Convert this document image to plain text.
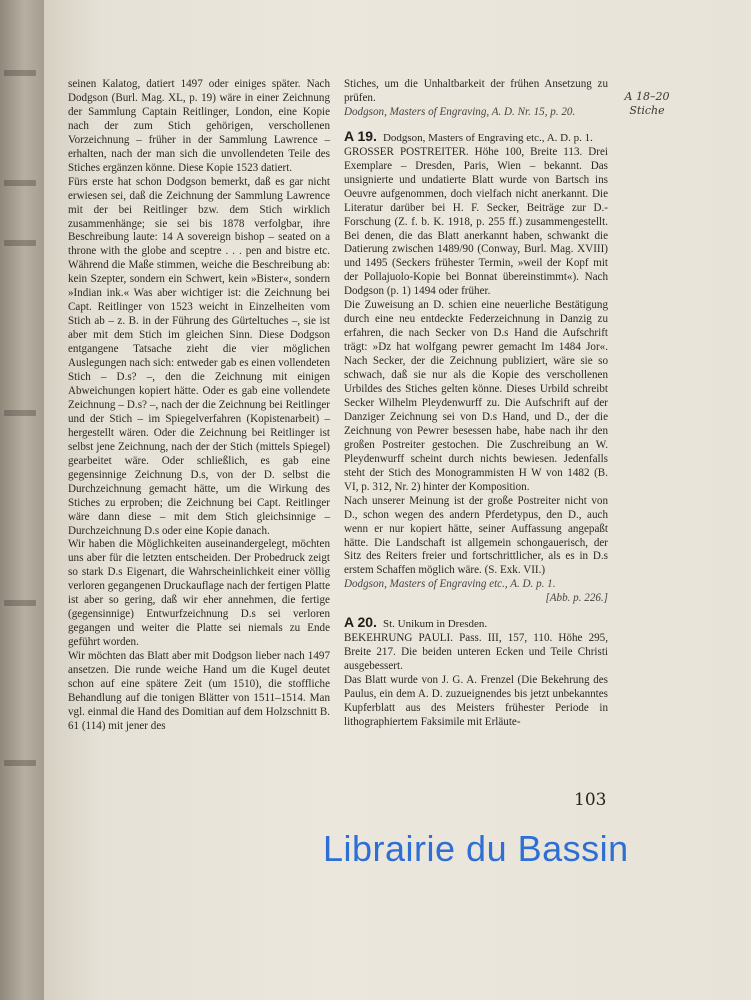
seinen Kalatog, datiert 1497 oder einiges später. Nach Dodgson (Burl. Mag. XL, p. 19) wäre in einer Zeichnung der Sammlung Captain Reitlinger, London, eine Kopie nach der zum Stich gehörigen, verschollenen Vorzeichnung – früher in der Sammlung Lawrence – erhalten, nach der man sich die unvollendeten Teile des Stiches ergänzen könne. Diese Kopie 1523 datiert.

Fürs erste hat schon Dodgson bemerkt, daß es gar nicht erwiesen sei, daß die Zeichnung der Sammlung Lawrence mit der bei Reitlinger bzw. dem Stich wirklich zusammenhänge; sie sei bis 1878 verfolgbar, ihre Beschreibung laute: 14 A sovereign bishop – seated on a throne with the globe and sceptre . . . pen and bistre etc. Während die Maße stimmen, weiche die Beschreibung ab: kein Szepter, sondern ein Schwert, kein »Bister«, sondern »Indian ink.« Was aber wichtiger ist: die Zeichnung bei Capt. Reitlinger von 1523 weicht in Einzelheiten vom Stich ab – z. B. in der Führung des Gürteltuches –, sie ist aber mit dem Stich im gleichen Sinn. Diese Dodgson entgangene Tatsache zieht die vier möglichen Auslegungen nach sich: entweder gab es einen vollendeten Stich – D.s? –, den die Zeichnung mit einigen Abweichungen kopiert hätte. Oder es gab eine vollendete Zeichnung – D.s? –, nach der die Zeichnung bei Reitlinger und der Stich – im Spiegelverfahren (Kopistenarbeit) – hergestellt wären. Oder die Zeichnung bei Reitlinger ist selbst jene Zeichnung, nach der der Stich (mittels Spiegel) gearbeitet wäre. Oder schließlich, es gab eine gegensinnige Zeichnung D.s, von der D. selbst die Durchzeichnung gemacht hätte, um die Wirkung des Stiches zu erproben; die Zeichnung bei Capt. Reitlinger wäre dann diese – mit dem Stich gleichsinnige – Durchzeichnung D.s oder eine Kopie danach.

Wir haben die Möglichkeiten auseinandergelegt, möchten uns aber für die letzten entscheiden. Der Probedruck zeigt so stark D.s Eigenart, die Wahrscheinlichkeit einer völlig verloren gegangenen Druckauflage nach der fertigen Platte ist aber so gering, daß wir eher annehmen, die fertige (gegensinnige) Entwurfzeichnung D.s sei verloren gegangen und weiter die Platte sei niemals zu Ende geführt worden.

Wir möchten das Blatt aber mit Dodgson lieber nach 1497 ansetzen. Die runde weiche Hand um die Kugel deutet schon auf eine spätere Zeit (um 1510), die stoffliche Behandlung auf die tonigen Blätter von 1511–1514. Man vgl. einmal die Hand des Domitian auf dem Holzschnitt B. 61 (114) mit jener des

Stiches, um die Unhaltbarkeit der frühen Ansetzung zu prüfen.

Dodgson, Masters of Engraving, A. D. Nr. 15, p. 20.

A 19. Dodgson, Masters of Engraving etc., A. D. p. 1.

GROSSER POSTREITER. Höhe 100, Breite 113. Drei Exemplare – Dresden, Paris, Wien – bekannt. Das unsignierte und undatierte Blatt wurde von Bartsch ins Oeuvre aufgenommen, doch vielfach nicht anerkannt. Die Literatur darüber bei H. F. Secker, Beiträge zur D.-Forschung (Z. f. b. K. 1918, p. 255 ff.) zusammengestellt. Bei denen, die das Blatt anerkannt haben, schwankt die Datierung zwischen 1489/90 (Conway, Burl. Mag. XVIII) und 1495 (Seckers frühester Termin, »weil der Kopf mit der Pollajuolo-Kopie bei Bonnat übereinstimmt«). Nach Dodgson (p. 1) 1494 oder früher.

Die Zuweisung an D. schien eine neuerliche Bestätigung durch eine neu entdeckte Federzeichnung in Danzig zu erfahren, die nach Secker von D.s Hand die Aufschrift trägt: »Dz hat wolfgang pewrer gemacht Im 1484 Jor«. Nach Secker, der die Zeichnung publiziert, wäre sie so schwach, daß sie nur als die Kopie des verschollenen Urbildes des Stiches gelten könne. Dieses Urbild schreibt Secker Wilhelm Pleydenwurff zu. Die Aufschrift auf der Danziger Zeichnung sei von D.s Hand, und D., der die Zeichnung von Pewrer besessen habe, habe nach ihr den großen Postreiter gestochen. Die Zuschreibung an W. Pleydenwurff scheint durch nichts bewiesen. Jedenfalls steht der Stich des Monogrammisten H W von 1482 (B. VI, p. 312, Nr. 2) hinter der Komposition.

Nach unserer Meinung ist der große Postreiter nicht von D., schon wegen des andern Pferdetypus, den D., auch wenn er nur kopiert hätte, seiner Auffassung angepaßt hätte. Die Landschaft ist allgemein schongauerisch, der Sitz des Reiters freier und fortschrittlicher, als es in D.s erstem Schaffen möglich wäre. (S. Exk. VII.)

Dodgson, Masters of Engraving etc., A. D. p. 1.

[Abb. p. 226.]

A 20. St. Unikum in Dresden.

BEKEHRUNG PAULI. Pass. III, 157, 110. Höhe 295, Breite 217. Die beiden unteren Ecken und Teile Christi ausgebessert.

Das Blatt wurde von J. G. A. Frenzel (Die Bekehrung des Paulus, ein dem A. D. zuzueignendes bis jetzt unbekanntes Kupferblatt aus des Meisters frühester Periode in lithographiertem Faksimile mit Erläute-

A 18–20
Stiche
103
Librairie du Bassin
